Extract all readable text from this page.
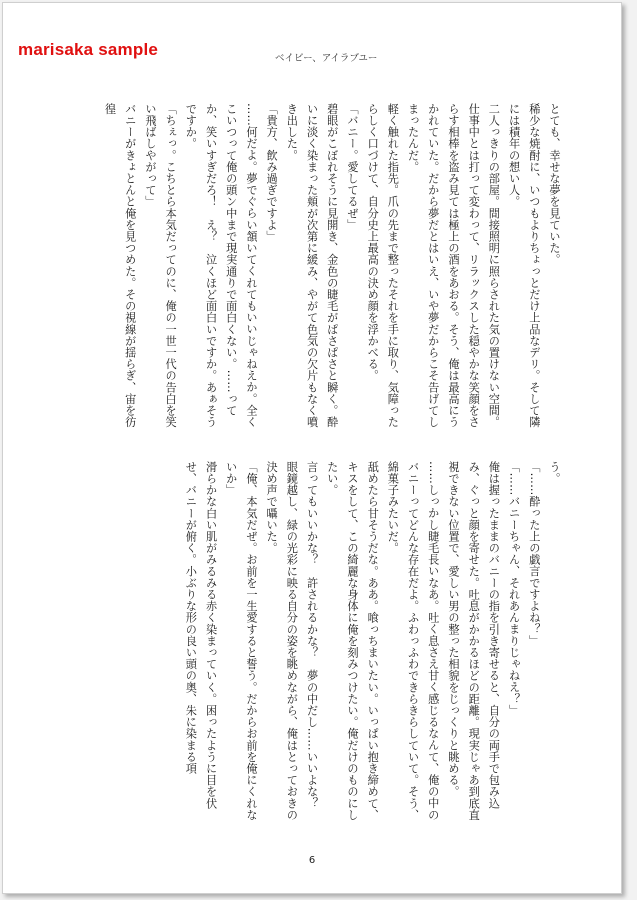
marisaka sample	ベイビー、アイラブユー

とても、幸せな夢を見ていた。

稀少な焼酎に、いつもよりちょっとだけ上品なデリ。そして隣には積年の想い人。

二人っきりの部屋。間接照明に照らされた気の置けない空間。仕事中とは打って変わって、リラックスした穏やかな笑顔をさらす相棒を盗み見ては極上の酒をあおる。そう、俺は最高にうかれていた。だから夢だとはいえ、いや夢だからこそ告げてしまったんだ。

軽く触れた指先。爪の先まで整ったそれを手に取り、気障ったらしく口づけて、自分史上最高の決め顔を浮かべる。

「バニー。愛してるぜ」

碧眼がこぼれそうに見開き、金色の睫毛がぱさぱさと瞬く。酔いに淡く染まった頬が次第に緩み、やがて色気の欠片もなく噴き出した。

「貴方、飲み過ぎですよ」

……何だよ。夢でぐらい頷いてくれてもいいじゃねえか。全くこいつって俺の頭ン中まで現実通りで面白くない。……ってか、笑いすぎだろ！　え？　泣くほど面白いですか。あぁそうですか。

「ちぇっ。こちとら本気だってのに、俺の一世一代の告白を笑い飛ばしやがって」

バニーがきょとんと俺を見つめた。その視線が揺らぎ、宙を彷徨

う。

「……酔った上の戯言ですよね？」

「……バニーちゃん、それあんまりじゃねえ？」

俺は握ったままのバニーの指を引き寄せると、自分の両手で包み込み、ぐっと顔を寄せた。吐息がかかるほどの距離。現実じゃあ到底直視できない位置で、愛しい男の整った相貌をじっくりと眺める。

……しっかし睫毛長いなあ。吐く息さえ甘く感じるなんて、俺の中のバニーってどんな存在だよ。ふわっふわできらきらしていて。そう、綿菓子みたいだ。

舐めたら甘そうだな。ああ。喰っちまいたい。いっぱい抱き締めて、キスをして、この綺麗な身体に俺を刻みつけたい。俺だけのものにしたい。

言ってもいいかな？　許されるかな？　夢の中だし……いいよな？

眼鏡越し、緑の光彩に映る自分の姿を眺めながら、俺はとっておきの決め声で囁いた。

「俺、本気だぜ。お前を一生愛すると誓う。だからお前を俺にくれないか」

滑らかな白い肌がみるみる赤く染まっていく。困ったように目を伏せ、バニーが俯く。小ぶりな形の良い頭の奥、朱に染まる項

6
